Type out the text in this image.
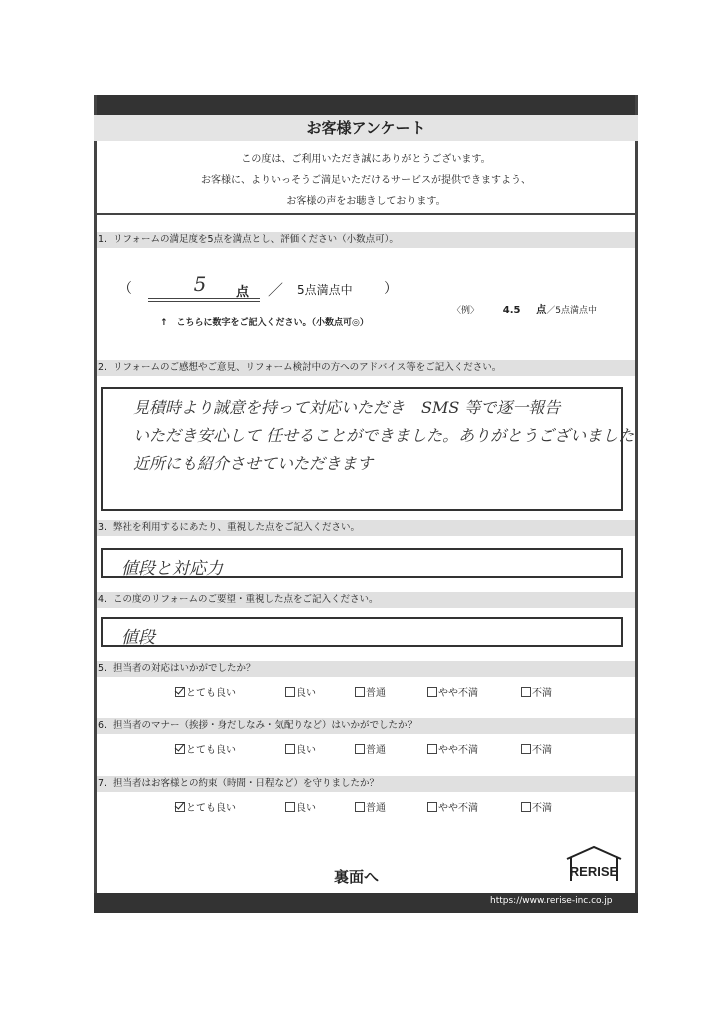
お客様アンケート
この度は、ご利用いただき誠にありがとうございます。
お客様に、よりいっそうご満足いただけるサービスが提供できますよう、
お客様の声をお聴きしております。
1. リフォームの満足度を5点を満点とし、評価ください（小数点可）。
（	5	点 ／ 5点満点中 ）
〈例〉 4.5 点／5点満点中
↑　こちらに数字をご記入ください。（小数点可◎）
2. リフォームのご感想やご意見、リフォーム検討中の方へのアドバイス等をご記入ください。
見積時より誠意を持って対応いただき　SMS 等で逐一報告
いただき安心して 任せることができました。ありがとうございました
近所にも紹介させていただきます
3. 弊社を利用するにあたり、重視した点をご記入ください。
値段と対応力
4. この度のリフォームのご要望・重視した点をご記入ください。
値段
5. 担当者の対応はいかがでしたか？
とても良い	良い	普通	やや不満	不満
6. 担当者のマナー（挨拶・身だしなみ・気配りなど）はいかがでしたか？
とても良い	良い	普通	やや不満	不満
7. 担当者はお客様との約束（時間・日程など）を守りましたか？
とても良い	良い	普通	やや不満	不満
RERISE
裏面へ
https://www.rerise-inc.co.jp
